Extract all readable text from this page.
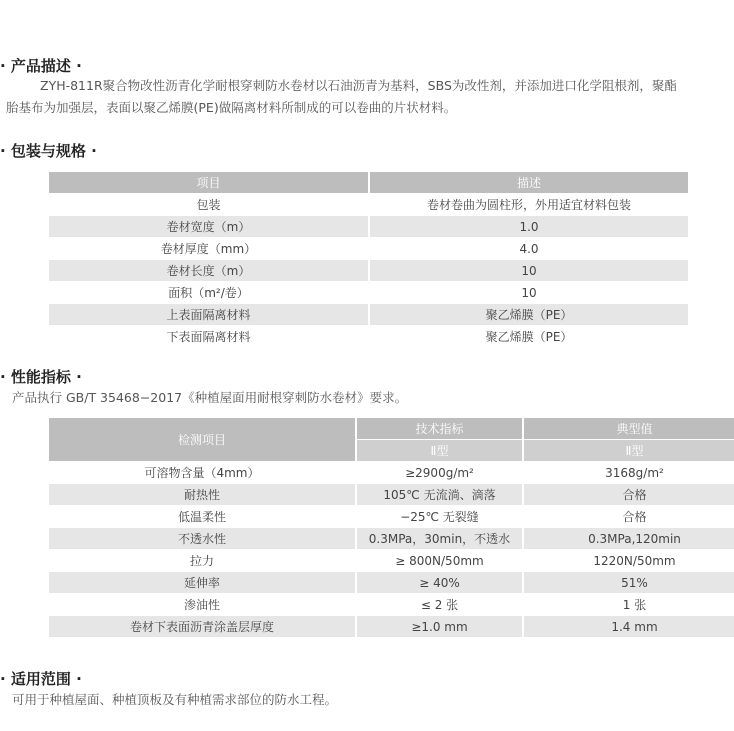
· 产品描述 ·
ZYH-811R聚合物改性沥青化学耐根穿刺防水卷材以石油沥青为基料，SBS为改性剂，并添加进口化学阻根剂，聚酯
胎基布为加强层，表面以聚乙烯膜(PE)做隔离材料所制成的可以卷曲的片状材料。
· 包装与规格 ·
项目	描述
包装	卷材卷曲为圆柱形，外用适宜材料包装
卷材宽度（m）	1.0
卷材厚度（mm）	4.0
卷材长度（m）	10
面积（m²/卷）	10
上表面隔离材料	聚乙烯膜（PE）
下表面隔离材料	聚乙烯膜（PE）
· 性能指标 ·
产品执行 GB/T 35468−2017《种植屋面用耐根穿刺防水卷材》要求。
检测项目	技术指标	典型值
	Ⅱ型	Ⅱ型
可溶物含量（4mm）	≥2900g/m²	3168g/m²
耐热性	105℃ 无流淌、滴落	合格
低温柔性	−25℃ 无裂缝	合格
不透水性	0.3MPa，30min，不透水	0.3MPa,120min
拉力	≥ 800N/50mm	1220N/50mm
延伸率	≥ 40%	51%
渗油性	≤ 2 张	1 张
卷材下表面沥青涂盖层厚度	≥1.0 mm	1.4 mm
· 适用范围 ·
可用于种植屋面、种植顶板及有种植需求部位的防水工程。
